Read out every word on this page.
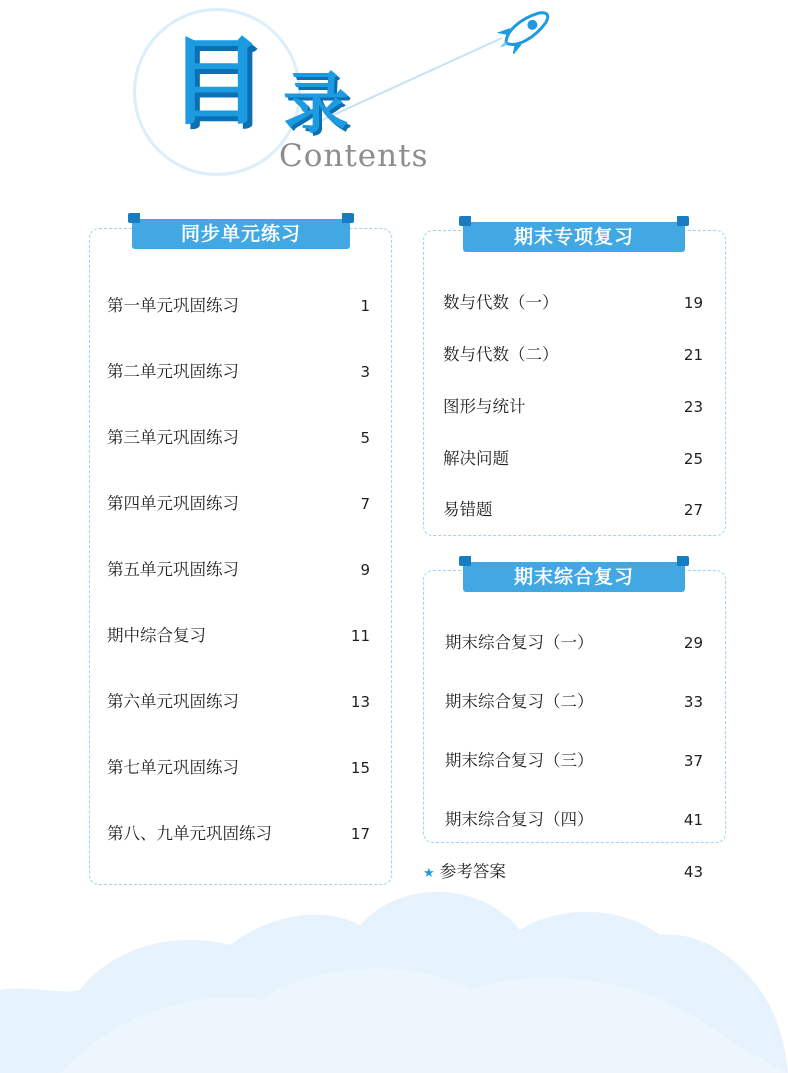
目 录
Contents
同步单元练习
第一单元巩固练习	1
第二单元巩固练习	3
第三单元巩固练习	5
第四单元巩固练习	7
第五单元巩固练习	9
期中综合复习	11
第六单元巩固练习	13
第七单元巩固练习	15
第八、九单元巩固练习	17
期末专项复习
数与代数（一）	19
数与代数（二）	21
图形与统计	23
解决问题	25
易错题	27
期末综合复习
期末综合复习（一）	29
期末综合复习（二）	33
期末综合复习（三）	37
期末综合复习（四）	41
★ 参考答案	43
